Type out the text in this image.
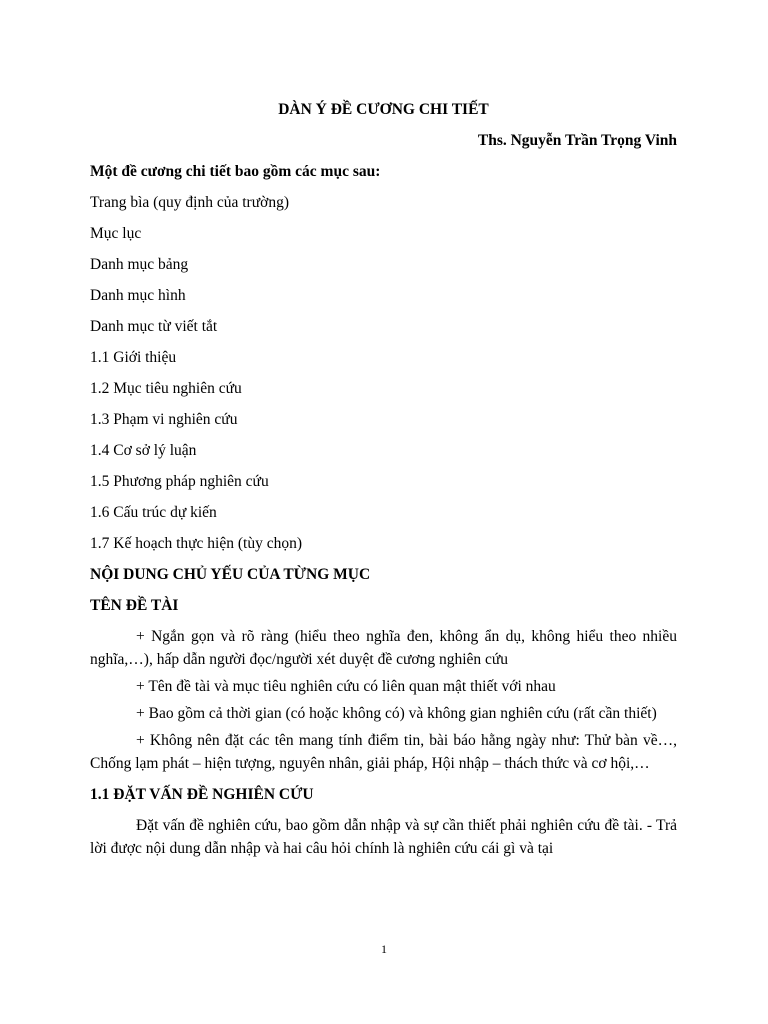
DÀN Ý ĐỀ CƯƠNG CHI TIẾT
Ths. Nguyễn Trần Trọng Vinh
Một đề cương chi tiết bao gồm các mục sau:
Trang bìa (quy định của trường)
Mục lục
Danh mục bảng
Danh mục hình
Danh mục từ viết tắt
1.1 Giới thiệu
1.2 Mục tiêu nghiên cứu
1.3 Phạm vi nghiên cứu
1.4 Cơ sở lý luận
1.5 Phương pháp nghiên cứu
1.6 Cấu trúc dự kiến
1.7 Kế hoạch thực hiện (tùy chọn)
NỘI DUNG CHỦ YẾU CỦA TỪNG MỤC
TÊN ĐỀ TÀI
+ Ngắn gọn và rõ ràng (hiểu theo nghĩa đen, không ẩn dụ, không hiểu theo nhiều nghĩa,…), hấp dẫn người đọc/người xét duyệt đề cương nghiên cứu
+ Tên đề tài và mục tiêu nghiên cứu có liên quan mật thiết với nhau
+ Bao gồm cả thời gian (có hoặc không có) và không gian nghiên cứu (rất cần thiết)
+ Không nên đặt các tên mang tính điểm tin, bài báo hằng ngày như: Thử bàn về…, Chống lạm phát – hiện tượng, nguyên nhân, giải pháp, Hội nhập – thách thức và cơ hội,…
1.1 ĐẶT VẤN ĐỀ NGHIÊN CỨU
Đặt vấn đề nghiên cứu, bao gồm dẫn nhập và sự cần thiết phải nghiên cứu đề tài. - Trả lời được nội dung dẫn nhập và hai câu hỏi chính là nghiên cứu cái gì và tại
1
